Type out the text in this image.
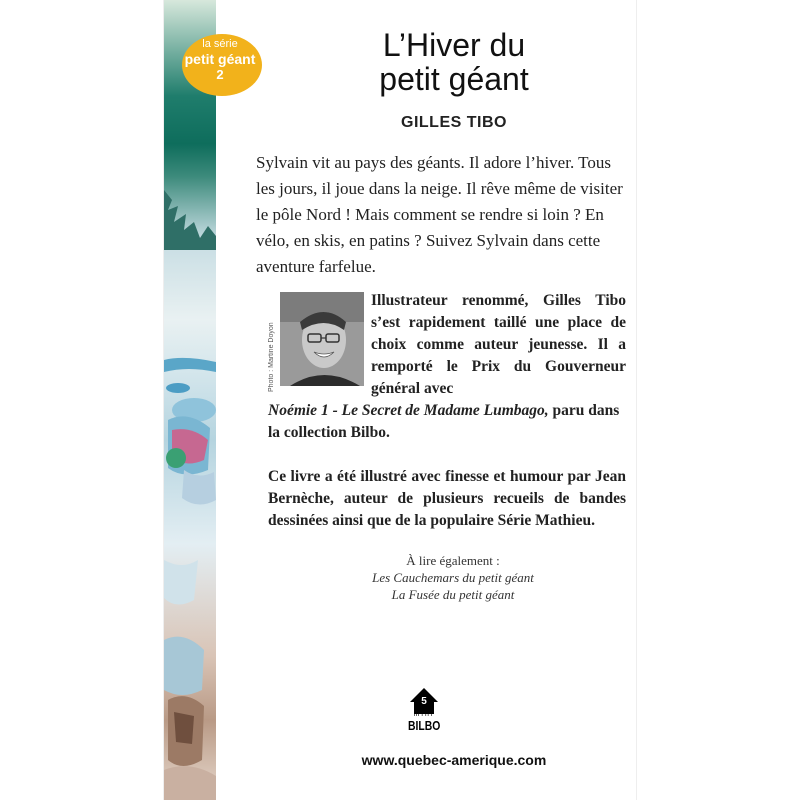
la série
petit géant
2
L’Hiver du
petit géant
GILLES TIBO

Sylvain vit au pays des géants. Il adore l’hiver. Tous les jours, il joue dans la neige. Il rêve même de visiter le pôle Nord ! Mais comment se rendre si loin ? En vélo, en skis, en patins ? Suivez Sylvain dans cette aventure farfelue.

Photo : Martine Doyon
Illustrateur renommé, Gilles Tibo s’est rapidement taillé une place de choix comme auteur jeunesse. Il a remporté le Prix du Gouverneur général avec
Noémie 1 - Le Secret de Madame Lumbago, paru dans la collection Bilbo.
Ce livre a été illustré avec finesse et humour par Jean Bernèche, auteur de plusieurs recueils de bandes dessinées ainsi que de la populaire Série Mathieu.
À lire également :
Les Cauchemars du petit géant
La Fusée du petit géant
5
mini
BILBO
www.quebec-amerique.com
